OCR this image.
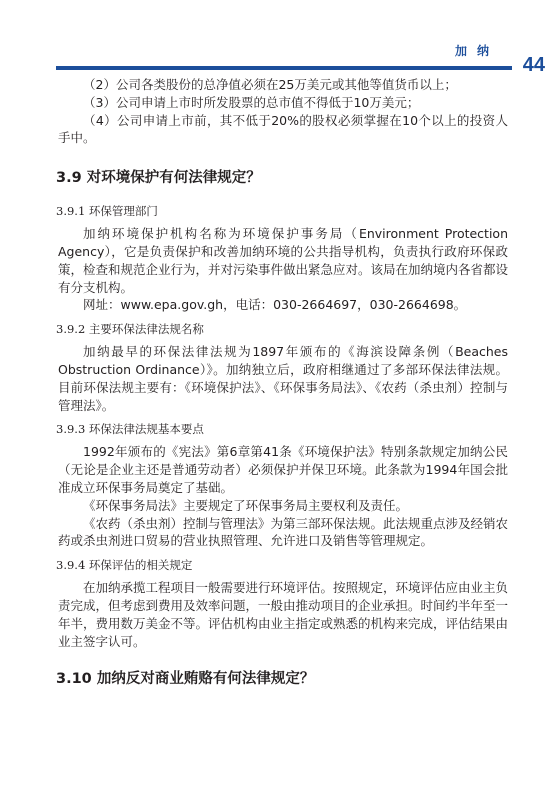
加纳
44

（2）公司各类股份的总净值必须在25万美元或其他等值货币以上；

（3）公司申请上市时所发股票的总市值不得低于10万美元；

（4）公司申请上市前，其不低于20%的股权必须掌握在10个以上的投资人手中。

3.9 对环境保护有何法律规定？
3.9.1 环保管理部门

加纳环境保护机构名称为环境保护事务局（Environment Protection Agency），它是负责保护和改善加纳环境的公共指导机构，负责执行政府环保政策，检查和规范企业行为，并对污染事件做出紧急应对。该局在加纳境内各省都设有分支机构。

网址：www.epa.gov.gh，电话：030-2664697，030-2664698。

3.9.2 主要环保法律法规名称

加纳最早的环保法律法规为1897年颁布的《海滨设障条例（Beaches Obstruction Ordinance）》。加纳独立后，政府相继通过了多部环保法律法规。目前环保法规主要有：《环境保护法》、《环保事务局法》、《农药（杀虫剂）控制与管理法》。

3.9.3 环保法律法规基本要点

1992年颁布的《宪法》第6章第41条《环境保护法》特别条款规定加纳公民（无论是企业主还是普通劳动者）必须保护并保卫环境。此条款为1994年国会批准成立环保事务局奠定了基础。

《环保事务局法》主要规定了环保事务局主要权利及责任。

《农药（杀虫剂）控制与管理法》为第三部环保法规。此法规重点涉及经销农药或杀虫剂进口贸易的营业执照管理、允许进口及销售等管理规定。

3.9.4 环保评估的相关规定

在加纳承揽工程项目一般需要进行环境评估。按照规定，环境评估应由业主负责完成，但考虑到费用及效率问题，一般由推动项目的企业承担。时间约半年至一年半，费用数万美金不等。评估机构由业主指定或熟悉的机构来完成，评估结果由业主签字认可。

3.10 加纳反对商业贿赂有何法律规定？
